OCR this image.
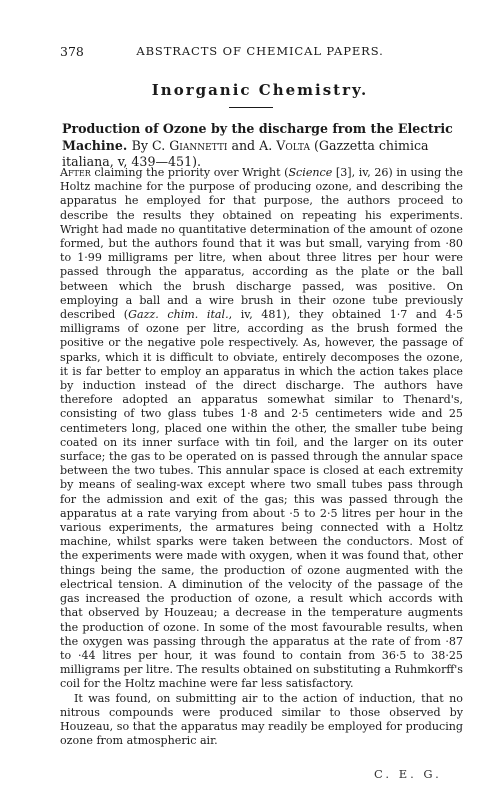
378	ABSTRACTS OF CHEMICAL PAPERS.
Inorganic Chemistry.
Production of Ozone by the discharge from the Electric Machine. By C. Giannetti and A. Volta (Gazzetta chimica italiana, v, 439—451).

After claiming the priority over Wright (Science [3], iv, 26) in using the Holtz machine for the purpose of producing ozone, and describing the apparatus he employed for that purpose, the authors proceed to describe the results they obtained on repeating his experiments. Wright had made no quantitative determination of the amount of ozone formed, but the authors found that it was but small, varying from ·80 to 1·99 milligrams per litre, when about three litres per hour were passed through the apparatus, according as the plate or the ball between which the brush discharge passed, was positive. On employing a ball and a wire brush in their ozone tube previously described (Gazz. chim. ital., iv, 481), they obtained 1·7 and 4·5 milligrams of ozone per litre, according as the brush formed the positive or the negative pole respectively. As, however, the passage of sparks, which it is difficult to obviate, entirely decomposes the ozone, it is far better to employ an apparatus in which the action takes place by induction instead of the direct discharge. The authors have therefore adopted an apparatus somewhat similar to Thenard's, consisting of two glass tubes 1·8 and 2·5 centimeters wide and 25 centimeters long, placed one within the other, the smaller tube being coated on its inner surface with tin foil, and the larger on its outer surface; the gas to be operated on is passed through the annular space between the two tubes. This annular space is closed at each extremity by means of sealing-wax except where two small tubes pass through for the admission and exit of the gas; this was passed through the apparatus at a rate varying from about ·5 to 2·5 litres per hour in the various experiments, the armatures being connected with a Holtz machine, whilst sparks were taken between the conductors. Most of the experiments were made with oxygen, when it was found that, other things being the same, the production of ozone augmented with the electrical tension. A diminution of the velocity of the passage of the gas increased the production of ozone, a result which accords with that observed by Houzeau; a decrease in the temperature augments the production of ozone. In some of the most favourable results, when the oxygen was passing through the apparatus at the rate of from ·87 to ·44 litres per hour, it was found to contain from 36·5 to 38·25 milligrams per litre. The results obtained on substituting a Ruhmkorff's coil for the Holtz machine were far less satisfactory.

It was found, on submitting air to the action of induction, that no nitrous compounds were produced similar to those observed by Houzeau, so that the apparatus may readily be employed for producing ozone from atmospheric air.

C. E. G.
